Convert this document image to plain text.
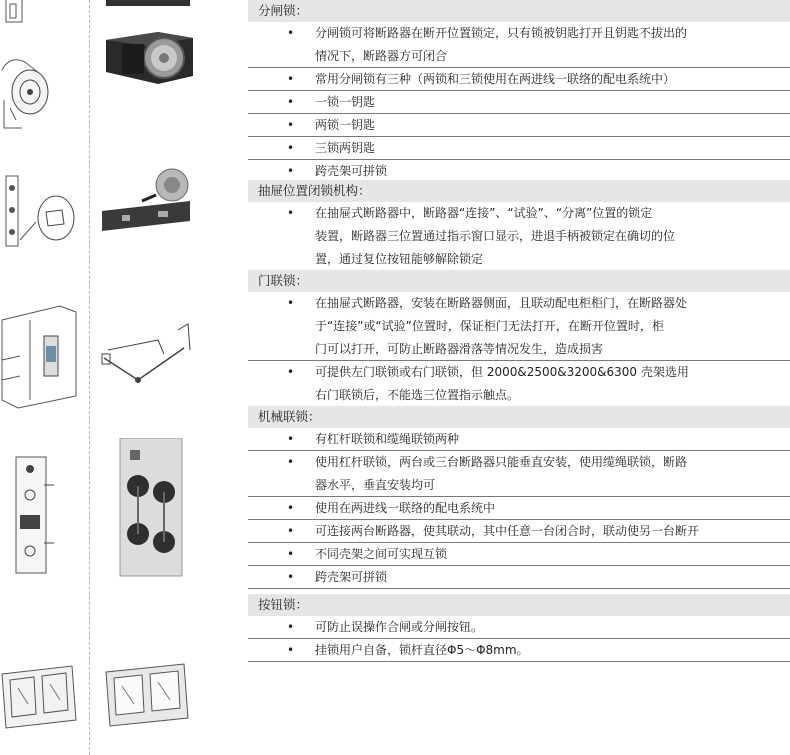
分闸锁：
• 分闸锁可将断路器在断开位置锁定，只有锁被钥匙打开且钥匙不拔出的
情况下，断路器方可闭合
• 常用分闸锁有三种（两锁和三锁使用在两进线一联络的配电系统中）
• 一锁一钥匙
• 两锁一钥匙
• 三锁两钥匙
• 跨壳架可拼锁
抽屉位置闭锁机构：
• 在抽屉式断路器中，断路器“连接”、“试验”、“分离”位置的锁定
装置，断路器三位置通过指示窗口显示，进退手柄被锁定在确切的位
置，通过复位按钮能够解除锁定
门联锁：
• 在抽屉式断路器，安装在断路器侧面，且联动配电柜柜门，在断路器处
于“连接”或“试验”位置时，保证柜门无法打开，在断开位置时，柜
门可以打开，可防止断路器滑落等情况发生，造成损害
• 可提供左门联锁或右门联锁，但 2000&2500&3200&6300 壳架选用
右门联锁后，不能选三位置指示触点。
机械联锁：
• 有杠杆联锁和缆绳联锁两种
• 使用杠杆联锁，两台或三台断路器只能垂直安装，使用缆绳联锁，断路
器水平，垂直安装均可
• 使用在两进线一联络的配电系统中
• 可连接两台断路器，使其联动，其中任意一台闭合时，联动使另一台断开
• 不同壳架之间可实现互锁
• 跨壳架可拼锁
按钮锁：
• 可防止误操作合闸或分闸按钮。
• 挂锁用户自备，锁杆直径Φ5～Φ8mm。
